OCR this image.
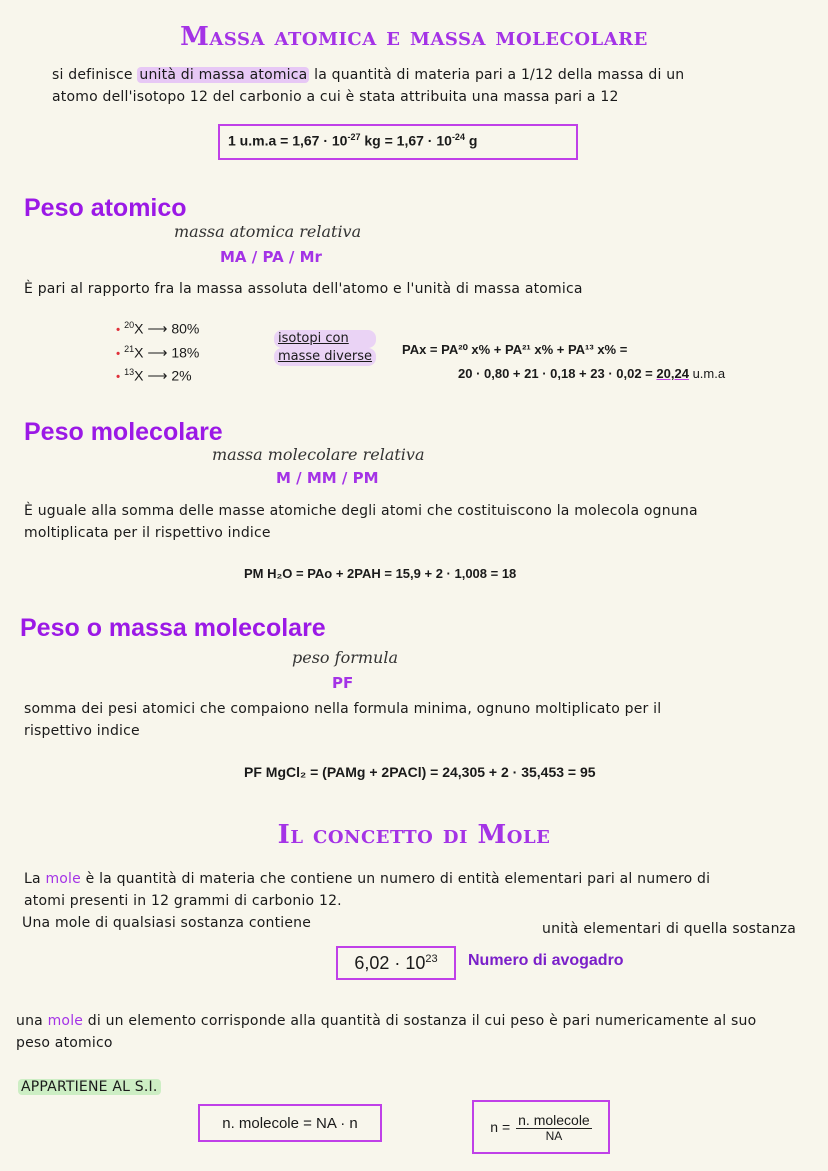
Massa atomica e massa molecolare
si definisce unità di massa atomica la quantità di materia pari a 1/12 della massa di un
atomo dell'isotopo 12 del carbonio a cui è stata attribuita una massa pari a 12
1 $u.m.a = 1,67 \cdot 10^{-27}$ kg = $1,67 \cdot 10^{-24}$ g
Peso atomico
massa atomica relativa
MA / PA / Mr
È pari al rapporto fra la massa assoluta dell'atomo e l'unità di massa atomica
• $^{20}$X ⟶ 80%
• $^{21}$X ⟶ 18%
• $^{13}$X ⟶ 2%
isotopi con
masse diverse	PAx = PA²⁰ x% + PA²¹ x% + PA¹³ x% =
20 · 0,80 + 21 · 0,18 + 23 · 0,02 = 20,24 u.m.a
Peso molecolare
massa molecolare relativa
M / MM / PM
È uguale alla somma delle masse atomiche degli atomi che costituiscono la molecola ognuna
moltiplicata per il rispettivo indice
PM H₂O = PAo + 2PAH = 15,9 + 2 · 1,008 = 18
Peso o massa molecolare
peso formula
PF
somma dei pesi atomici che compaiono nella formula minima, ognuno moltiplicato per il
rispettivo indice
PF MgCl₂ = (PAMg + 2PACl) = 24,305 + 2 · 35,453 = 95
Il concetto di Mole
La mole è la quantità di materia che contiene un numero di entità elementari pari al numero di
atomi presenti in 12 grammi di carbonio 12.
Una mole di qualsiasi sostanza contiene	unità elementari di quella sostanza
$6,02 \cdot 10^{23}$ Numero di avogadro
una mole di un elemento corrisponde alla quantità di sostanza il cui peso è pari numericamente al suo
peso atomico
APPARTIENE AL S.I.
n. molecole = NA · n	$n = \frac{\text{n. molecole}}{NA}$
